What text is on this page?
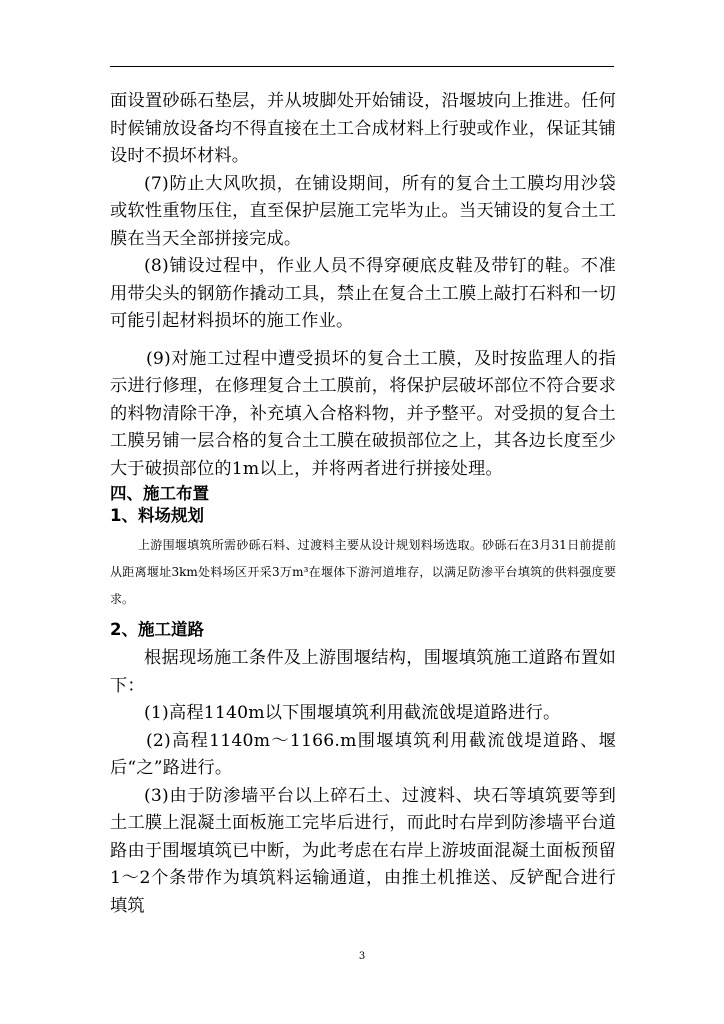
面设置砂砾石垫层，并从坡脚处开始铺设，沿堰坡向上推进。任何时候铺放设备均不得直接在土工合成材料上行驶或作业，保证其铺设时不损坏材料。

(7)防止大风吹损，在铺设期间，所有的复合土工膜均用沙袋或软性重物压住，直至保护层施工完毕为止。当天铺设的复合土工膜在当天全部拼接完成。

(8)铺设过程中，作业人员不得穿硬底皮鞋及带钉的鞋。不准用带尖头的钢筋作撬动工具，禁止在复合土工膜上敲打石料和一切可能引起材料损坏的施工作业。

(9)对施工过程中遭受损坏的复合土工膜，及时按监理人的指示进行修理，在修理复合土工膜前，将保护层破坏部位不符合要求的料物清除干净，补充填入合格料物，并予整平。对受损的复合土工膜另铺一层合格的复合土工膜在破损部位之上，其各边长度至少大于破损部位的1m以上，并将两者进行拼接处理。

四、施工布置
1、料场规划

上游围堰填筑所需砂砾石料、过渡料主要从设计规划料场选取。砂砾石在3月31日前提前从距离堰址3km处料场区开采3万m³在堰体下游河道堆存，以满足防渗平台填筑的供料强度要求。

2、施工道路

根据现场施工条件及上游围堰结构，围堰填筑施工道路布置如下：

(1)高程1140m以下围堰填筑利用截流戗堤道路进行。

(2)高程1140m～1166.m围堰填筑利用截流戗堤道路、堰后“之”路进行。

(3)由于防渗墙平台以上碎石土、过渡料、块石等填筑要等到土工膜上混凝土面板施工完毕后进行，而此时右岸到防渗墙平台道路由于围堰填筑已中断，为此考虑在右岸上游坡面混凝土面板预留1～2个条带作为填筑料运输通道，由推土机推送、反铲配合进行填筑

3
